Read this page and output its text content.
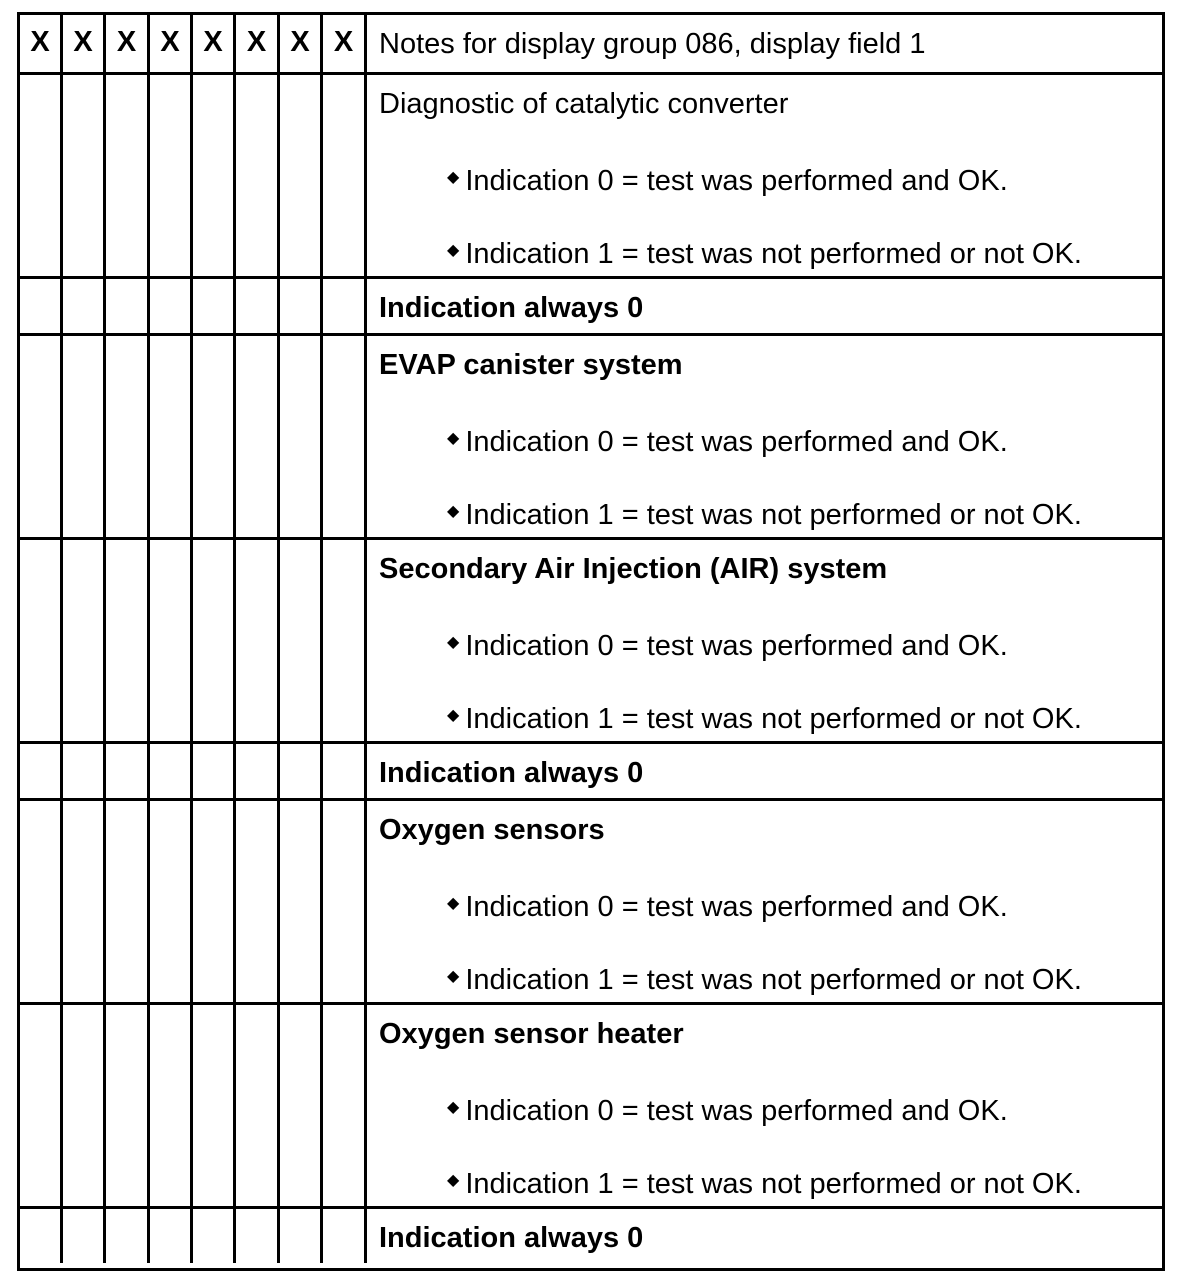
X X X X X X X X Notes for display group 086, display field 1
Diagnostic of catalytic converter
◆ Indication 0 = test was performed and OK.
◆ Indication 1 = test was not performed or not OK.
Indication always 0
EVAP canister system
◆ Indication 0 = test was performed and OK.
◆ Indication 1 = test was not performed or not OK.
Secondary Air Injection (AIR) system
◆ Indication 0 = test was performed and OK.
◆ Indication 1 = test was not performed or not OK.
Indication always 0
Oxygen sensors
◆ Indication 0 = test was performed and OK.
◆ Indication 1 = test was not performed or not OK.
Oxygen sensor heater
◆ Indication 0 = test was performed and OK.
◆ Indication 1 = test was not performed or not OK.
Indication always 0
